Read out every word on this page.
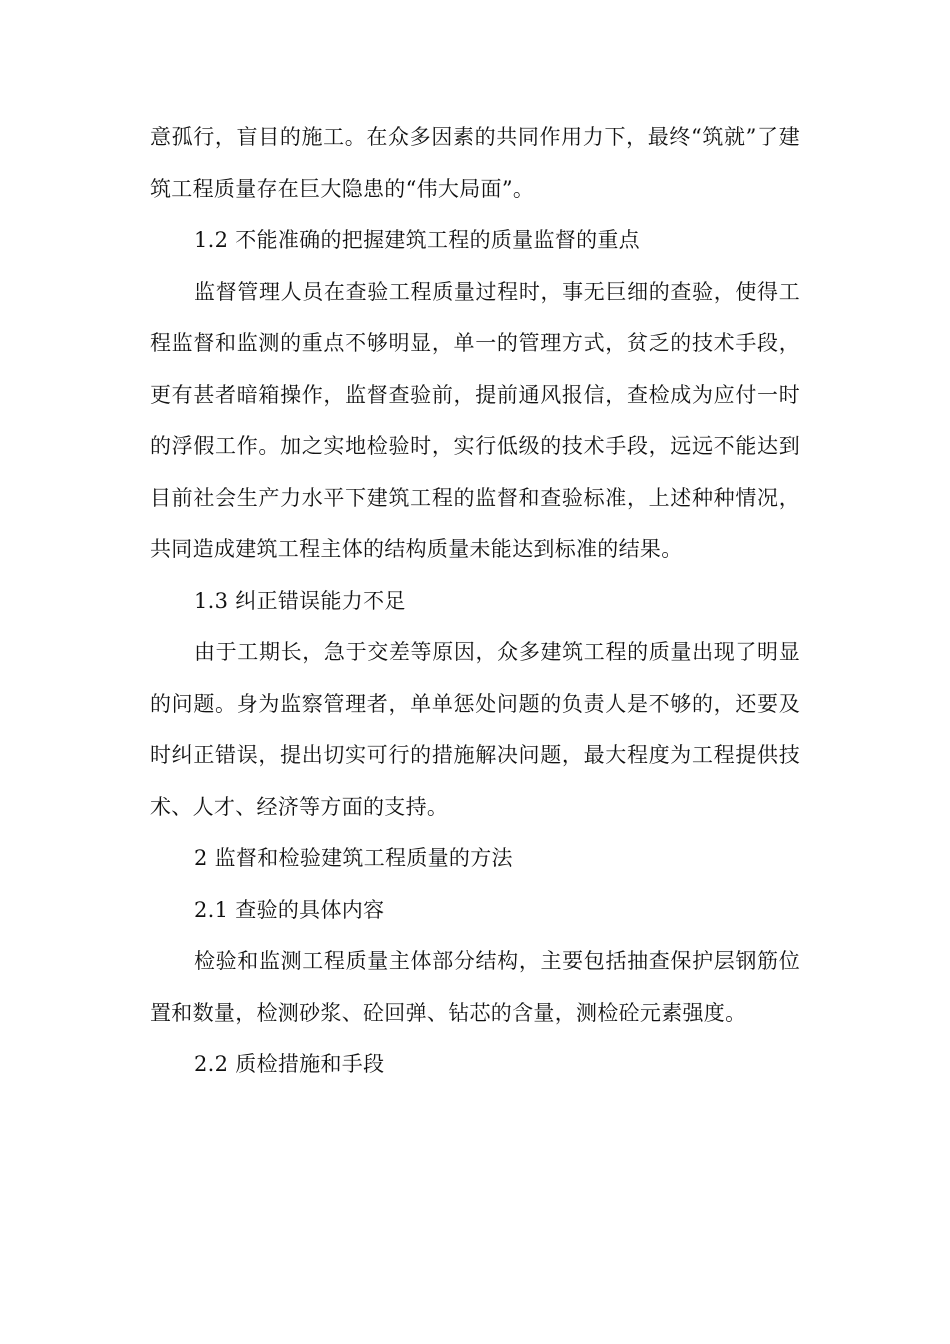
意孤行，盲目的施工。在众多因素的共同作用力下，最终“筑就”了建筑工程质量存在巨大隐患的“伟大局面”。

1.2 不能准确的把握建筑工程的质量监督的重点

监督管理人员在查验工程质量过程时，事无巨细的查验，使得工程监督和监测的重点不够明显，单一的管理方式，贫乏的技术手段，更有甚者暗箱操作，监督查验前，提前通风报信，查检成为应付一时的浮假工作。加之实地检验时，实行低级的技术手段，远远不能达到目前社会生产力水平下建筑工程的监督和查验标准，上述种种情况，共同造成建筑工程主体的结构质量未能达到标准的结果。

1.3 纠正错误能力不足

由于工期长，急于交差等原因，众多建筑工程的质量出现了明显的问题。身为监察管理者，单单惩处问题的负责人是不够的，还要及时纠正错误，提出切实可行的措施解决问题，最大程度为工程提供技术、人才、经济等方面的支持。

2 监督和检验建筑工程质量的方法

2.1 查验的具体内容

检验和监测工程质量主体部分结构，主要包括抽查保护层钢筋位置和数量，检测砂浆、砼回弹、钻芯的含量，测检砼元素强度。

2.2 质检措施和手段
